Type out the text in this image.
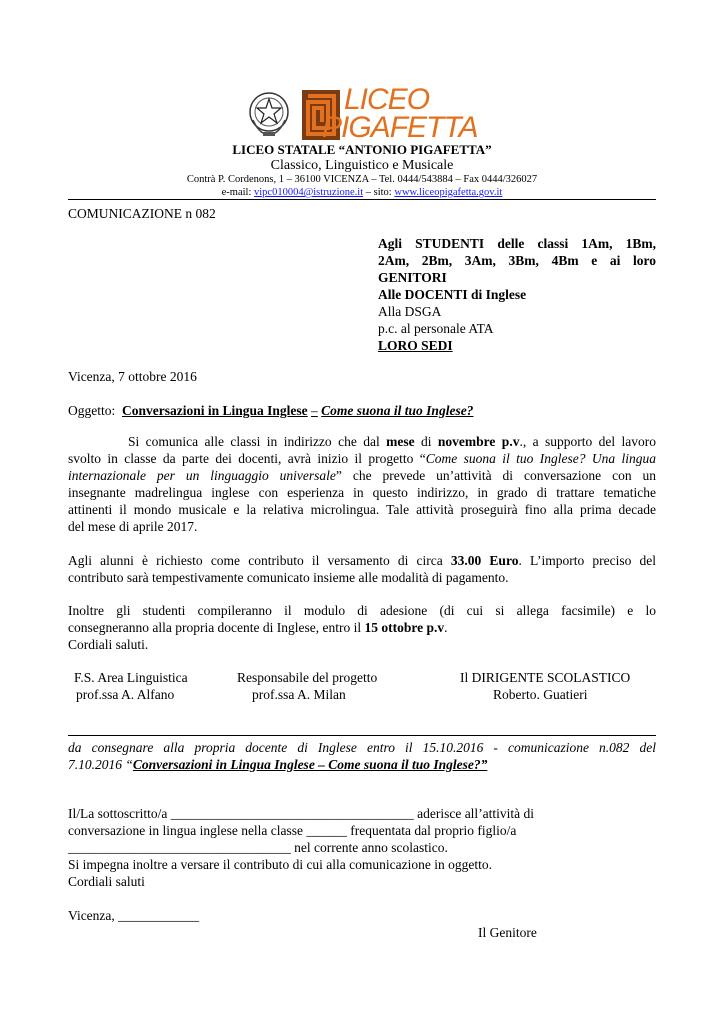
LICEO
PIGAFETTA
LICEO STATALE “ANTONIO PIGAFETTA”
Classico, Linguistico e Musicale
Contrà P. Cordenons, 1 – 36100 VICENZA – Tel. 0444/543884 – Fax 0444/326027
e-mail: vipc010004@istruzione.it – sito: www.liceopigafetta.gov.it
COMUNICAZIONE n 082
Agli STUDENTI delle classi 1Am, 1Bm,
2Am, 2Bm, 3Am, 3Bm, 4Bm e ai loro
GENITORI
Alle DOCENTI di Inglese
Alla DSGA
p.c. al personale ATA
LORO SEDI
Vicenza, 7 ottobre 2016
Oggetto: Conversazioni in Lingua Inglese – Come suona il tuo Inglese?
Si comunica alle classi in indirizzo che dal mese di novembre p.v., a supporto del lavoro
svolto in classe da parte dei docenti, avrà inizio il progetto “Come suona il tuo Inglese? Una lingua
internazionale per un linguaggio universale” che prevede un’attività di conversazione con un
insegnante madrelingua inglese con esperienza in questo indirizzo, in grado di trattare tematiche
attinenti il mondo musicale e la relativa microlingua. Tale attività proseguirà fino alla prima decade
del mese di aprile 2017.
Agli alunni è richiesto come contributo il versamento di circa 33.00 Euro. L’importo preciso del
contributo sarà tempestivamente comunicato insieme alle modalità di pagamento.
Inoltre gli studenti compileranno il modulo di adesione (di cui si allega facsimile) e lo
consegneranno alla propria docente di Inglese, entro il 15 ottobre p.v.
Cordiali saluti.
F.S. Area Linguistica
prof.ssa A. Alfano
Responsabile del progetto
prof.ssa A. Milan
Il DIRIGENTE SCOLASTICO
Roberto. Guatieri
da consegnare alla propria docente di Inglese entro il 15.10.2016 - comunicazione n.082 del
7.10.2016 “Conversazioni in Lingua Inglese – Come suona il tuo Inglese?”
Il/La sottoscritto/a ____________________________________ aderisce all’attività di
conversazione in lingua inglese nella classe ______ frequentata dal proprio figlio/a
_________________________________ nel corrente anno scolastico.
Si impegna inoltre a versare il contributo di cui alla comunicazione in oggetto.
Cordiali saluti
Vicenza, ____________
Il Genitore
